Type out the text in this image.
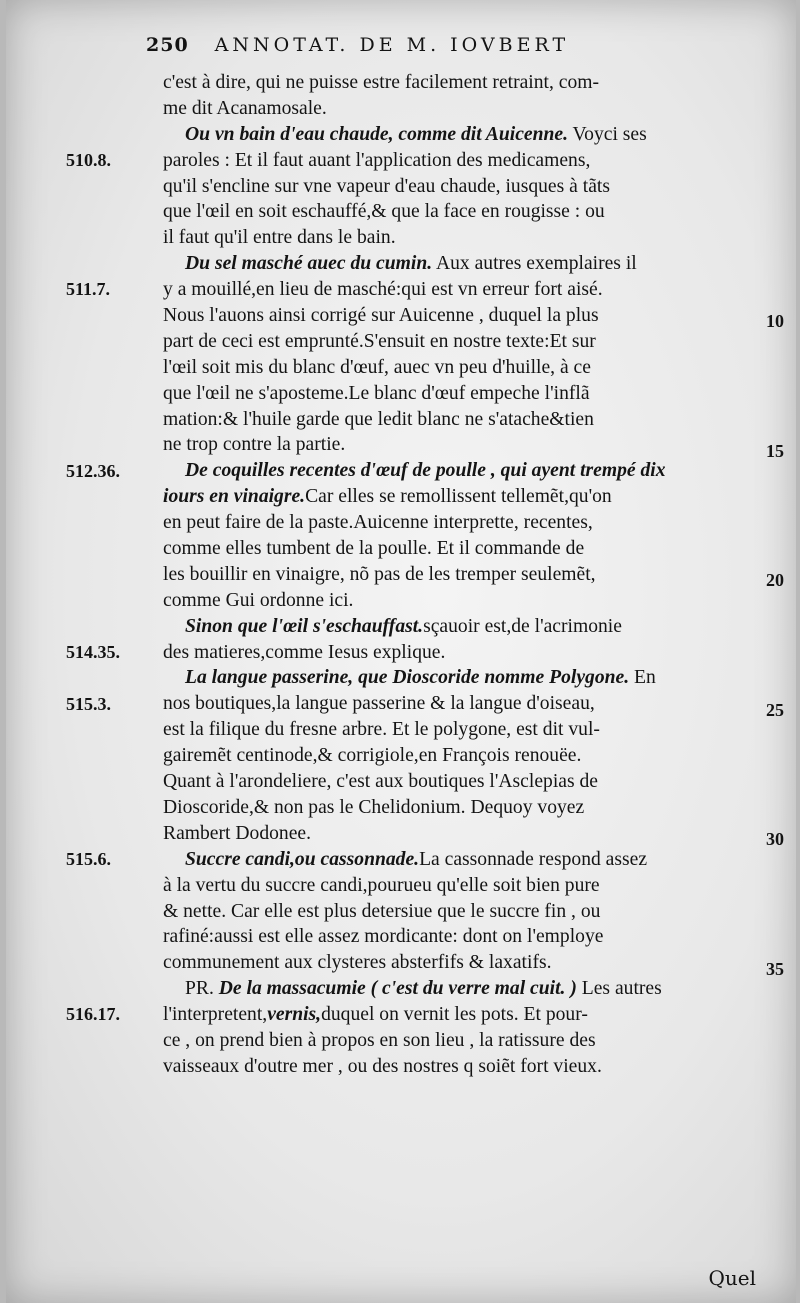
250 ANNOTAT. DE M. IOVBERT
c'est à dire, qui ne puisse estre facilement retraint, com-
me dit Acanamosale.
Ou vn bain d'eau chaude, comme dit Auicenne. Voyci ses
paroles : Et il faut auant l'application des medicamens,
qu'il s'encline sur vne vapeur d'eau chaude, iusques à tãts
que l'œil en soit eschauffé,& que la face en rougisse : ou
il faut qu'il entre dans le bain.
Du sel masché auec du cumin. Aux autres exemplaires il
y a mouillé,en lieu de masché:qui est vn erreur fort aisé.
Nous l'auons ainsi corrigé sur Auicenne , duquel la plus
part de ceci est emprunté.S'ensuit en nostre texte:Et sur
l'œil soit mis du blanc d'œuf, auec vn peu d'huille, à ce
que l'œil ne s'aposteme.Le blanc d'œuf empeche l'inflã
mation:& l'huile garde que ledit blanc ne s'atache&tien
ne trop contre la partie.
De coquilles recentes d'œuf de poulle , qui ayent trempé dix
iours en vinaigre.Car elles se remollissent tellemẽt,qu'on
en peut faire de la paste.Auicenne interprette, recentes,
comme elles tumbent de la poulle. Et il commande de
les bouillir en vinaigre, nõ pas de les tremper seulemẽt,
comme Gui ordonne ici.
Sinon que l'œil s'eschauffast.sçauoir est,de l'acrimonie
des matieres,comme Iesus explique.
La langue passerine, que Dioscoride nomme Polygone. En
nos boutiques,la langue passerine & la langue d'oiseau,
est la filique du fresne arbre. Et le polygone, est dit vul-
gairemẽt centinode,& corrigiole,en François renouëe.
Quant à l'arondeliere, c'est aux boutiques l'Asclepias de
Dioscoride,& non pas le Chelidonium. Dequoy voyez
Rambert Dodonee.
Succre candi,ou cassonnade.La cassonnade respond assez
à la vertu du succre candi,pourueu qu'elle soit bien pure
& nette. Car elle est plus detersiue que le succre fin , ou
rafiné:aussi est elle assez mordicante: dont on l'employe
communement aux clysteres absterfifs & laxatifs.
PR. De la massacumie ( c'est du verre mal cuit. ) Les autres
l'interpretent,vernis,duquel on vernit les pots. Et pour-
ce , on prend bien à propos en son lieu , la ratissure des
vaisseaux d'outre mer , ou des nostres q soiẽt fort vieux.
Quel
510.8.
511.7.
512.36.
514.35.
515.3.
515.6.
516.17.
10
15
20
25
30
35
